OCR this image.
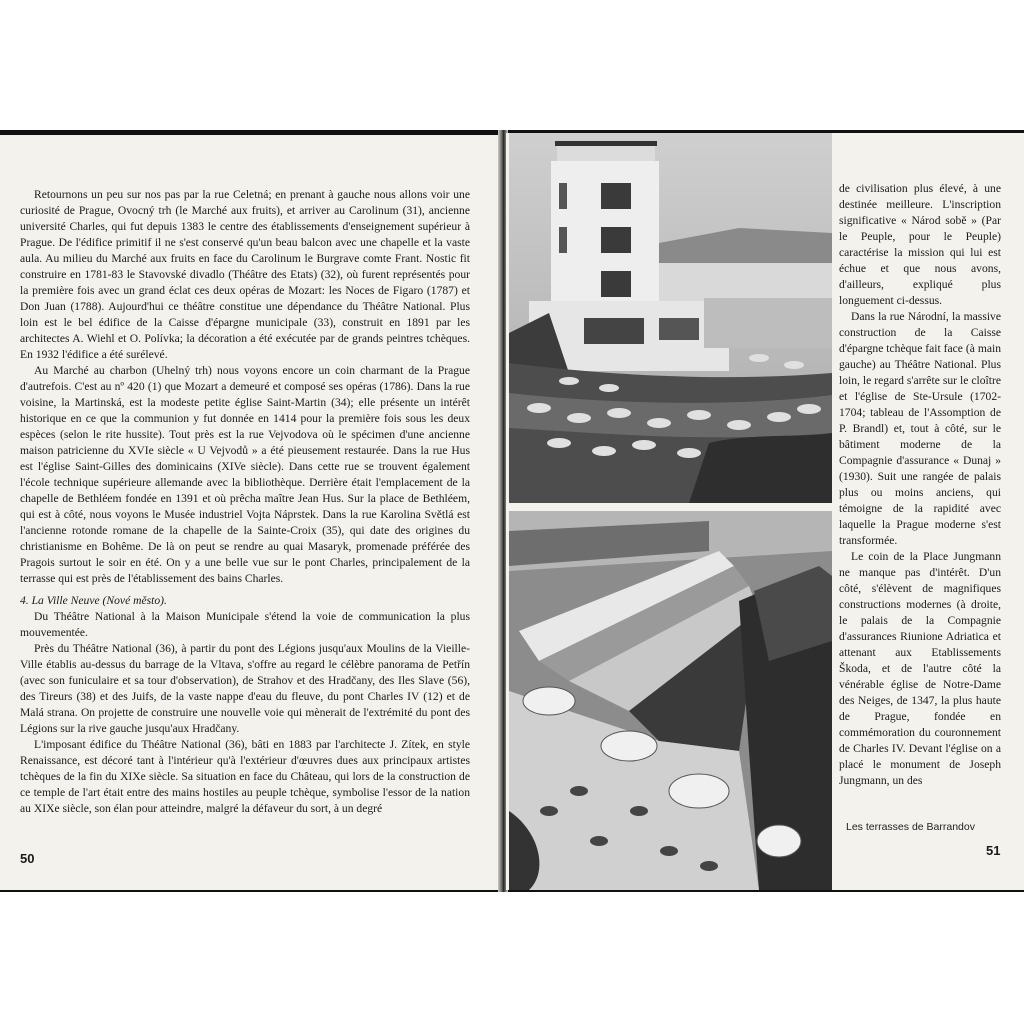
Retournons un peu sur nos pas par la rue Celetná; en prenant à gauche nous allons voir une curiosité de Prague, Ovocný trh (le Marché aux fruits), et arriver au Carolinum (31), ancienne université Charles, qui fut depuis 1383 le centre des établissements d'enseignement supérieur à Prague. De l'édifice primitif il ne s'est conservé qu'un beau balcon avec une chapelle et la vaste aula. Au milieu du Marché aux fruits en face du Carolinum le Burgrave comte Frant. Nostic fit construire en 1781-83 le Stavovské divadlo (Théâtre des Etats) (32), où furent représentés pour la première fois avec un grand éclat ces deux opéras de Mozart: les Noces de Figaro (1787) et Don Juan (1788). Aujourd'hui ce théâtre constitue une dépendance du Théâtre National. Plus loin est le bel édifice de la Caisse d'épargne municipale (33), construit en 1891 par les architectes A. Wiehl et O. Polívka; la décoration a été exécutée par de grands peintres tchèques. En 1932 l'édifice a été surélevé.

Au Marché au charbon (Uhelný trh) nous voyons encore un coin charmant de la Prague d'autrefois. C'est au nº 420 (1) que Mozart a demeuré et composé ses opéras (1786). Dans la rue voisine, la Martinská, est la modeste petite église Saint-Martin (34); elle présente un intérêt historique en ce que la communion y fut donnée en 1414 pour la première fois sous les deux espèces (selon le rite hussite). Tout près est la rue Vejvodova où le spécimen d'une ancienne maison patricienne du XVIe siècle « U Vejvodů » a été pieusement restaurée. Dans la rue Hus est l'église Saint-Gilles des dominicains (XIVe siècle). Dans cette rue se trouvent également l'école technique supérieure allemande avec la bibliothèque. Derrière était l'emplacement de la chapelle de Bethléem fondée en 1391 et où prêcha maître Jean Hus. Sur la place de Bethléem, qui est à côté, nous voyons le Musée industriel Vojta Náprstek. Dans la rue Karolina Světlá est l'ancienne rotonde romane de la chapelle de la Sainte-Croix (35), qui date des origines du christianisme en Bohême. De là on peut se rendre au quai Masaryk, promenade préférée des Pragois surtout le soir en été. On y a une belle vue sur le pont Charles, principalement de la terrasse qui est près de l'établissement des bains Charles.

4. La Ville Neuve (Nové město).

Du Théâtre National à la Maison Municipale s'étend la voie de communication la plus mouvementée.

Près du Théâtre National (36), à partir du pont des Légions jusqu'aux Moulins de la Vieille-Ville établis au-dessus du barrage de la Vltava, s'offre au regard le célèbre panorama de Petřín (avec son funiculaire et sa tour d'observation), de Strahov et des Hradčany, des Iles Slave (56), des Tireurs (38) et des Juifs, de la vaste nappe d'eau du fleuve, du pont Charles IV (12) et de Malá strana. On projette de construire une nouvelle voie qui mènerait de l'extrémité du pont des Légions sur la rive gauche jusqu'aux Hradčany.

L'imposant édifice du Théâtre National (36), bâti en 1883 par l'architecte J. Zítek, en style Renaissance, est décoré tant à l'intérieur qu'à l'extérieur d'œuvres dues aux principaux artistes tchèques de la fin du XIXe siècle. Sa situation en face du Château, qui lors de la construction de ce temple de l'art était entre des mains hostiles au peuple tchèque, symbolise l'essor de la nation au XIXe siècle, son élan pour atteindre, malgré la défaveur du sort, à un degré

50

de civilisation plus élevé, à une destinée meilleure. L'inscription significative « Národ sobě » (Par le Peuple, pour le Peuple) caractérise la mission qui lui est échue et que nous avons, d'ailleurs, expliqué plus longuement ci-dessus.

Dans la rue Národní, la massive construction de la Caisse d'épargne tchèque fait face (à main gauche) au Théâtre National. Plus loin, le regard s'arrête sur le cloître et l'église de Ste-Ursule (1702-1704; tableau de l'Assomption de P. Brandl) et, tout à côté, sur le bâtiment moderne de la Compagnie d'assurance « Dunaj » (1930). Suit une rangée de palais plus ou moins anciens, qui témoigne de la rapidité avec laquelle la Prague moderne s'est transformée.

Le coin de la Place Jungmann ne manque pas d'intérêt. D'un côté, s'élèvent de magnifiques constructions modernes (à droite, le palais de la Compagnie d'assurances Riunione Adriatica et attenant aux Etablissements Škoda, et de l'autre côté la vénérable église de Notre-Dame des Neiges, de 1347, la plus haute de Prague, fondée en commémoration du couronnement de Charles IV. Devant l'église on a placé le monument de Joseph Jungmann, un des

Les terrasses de Barrandov
51
